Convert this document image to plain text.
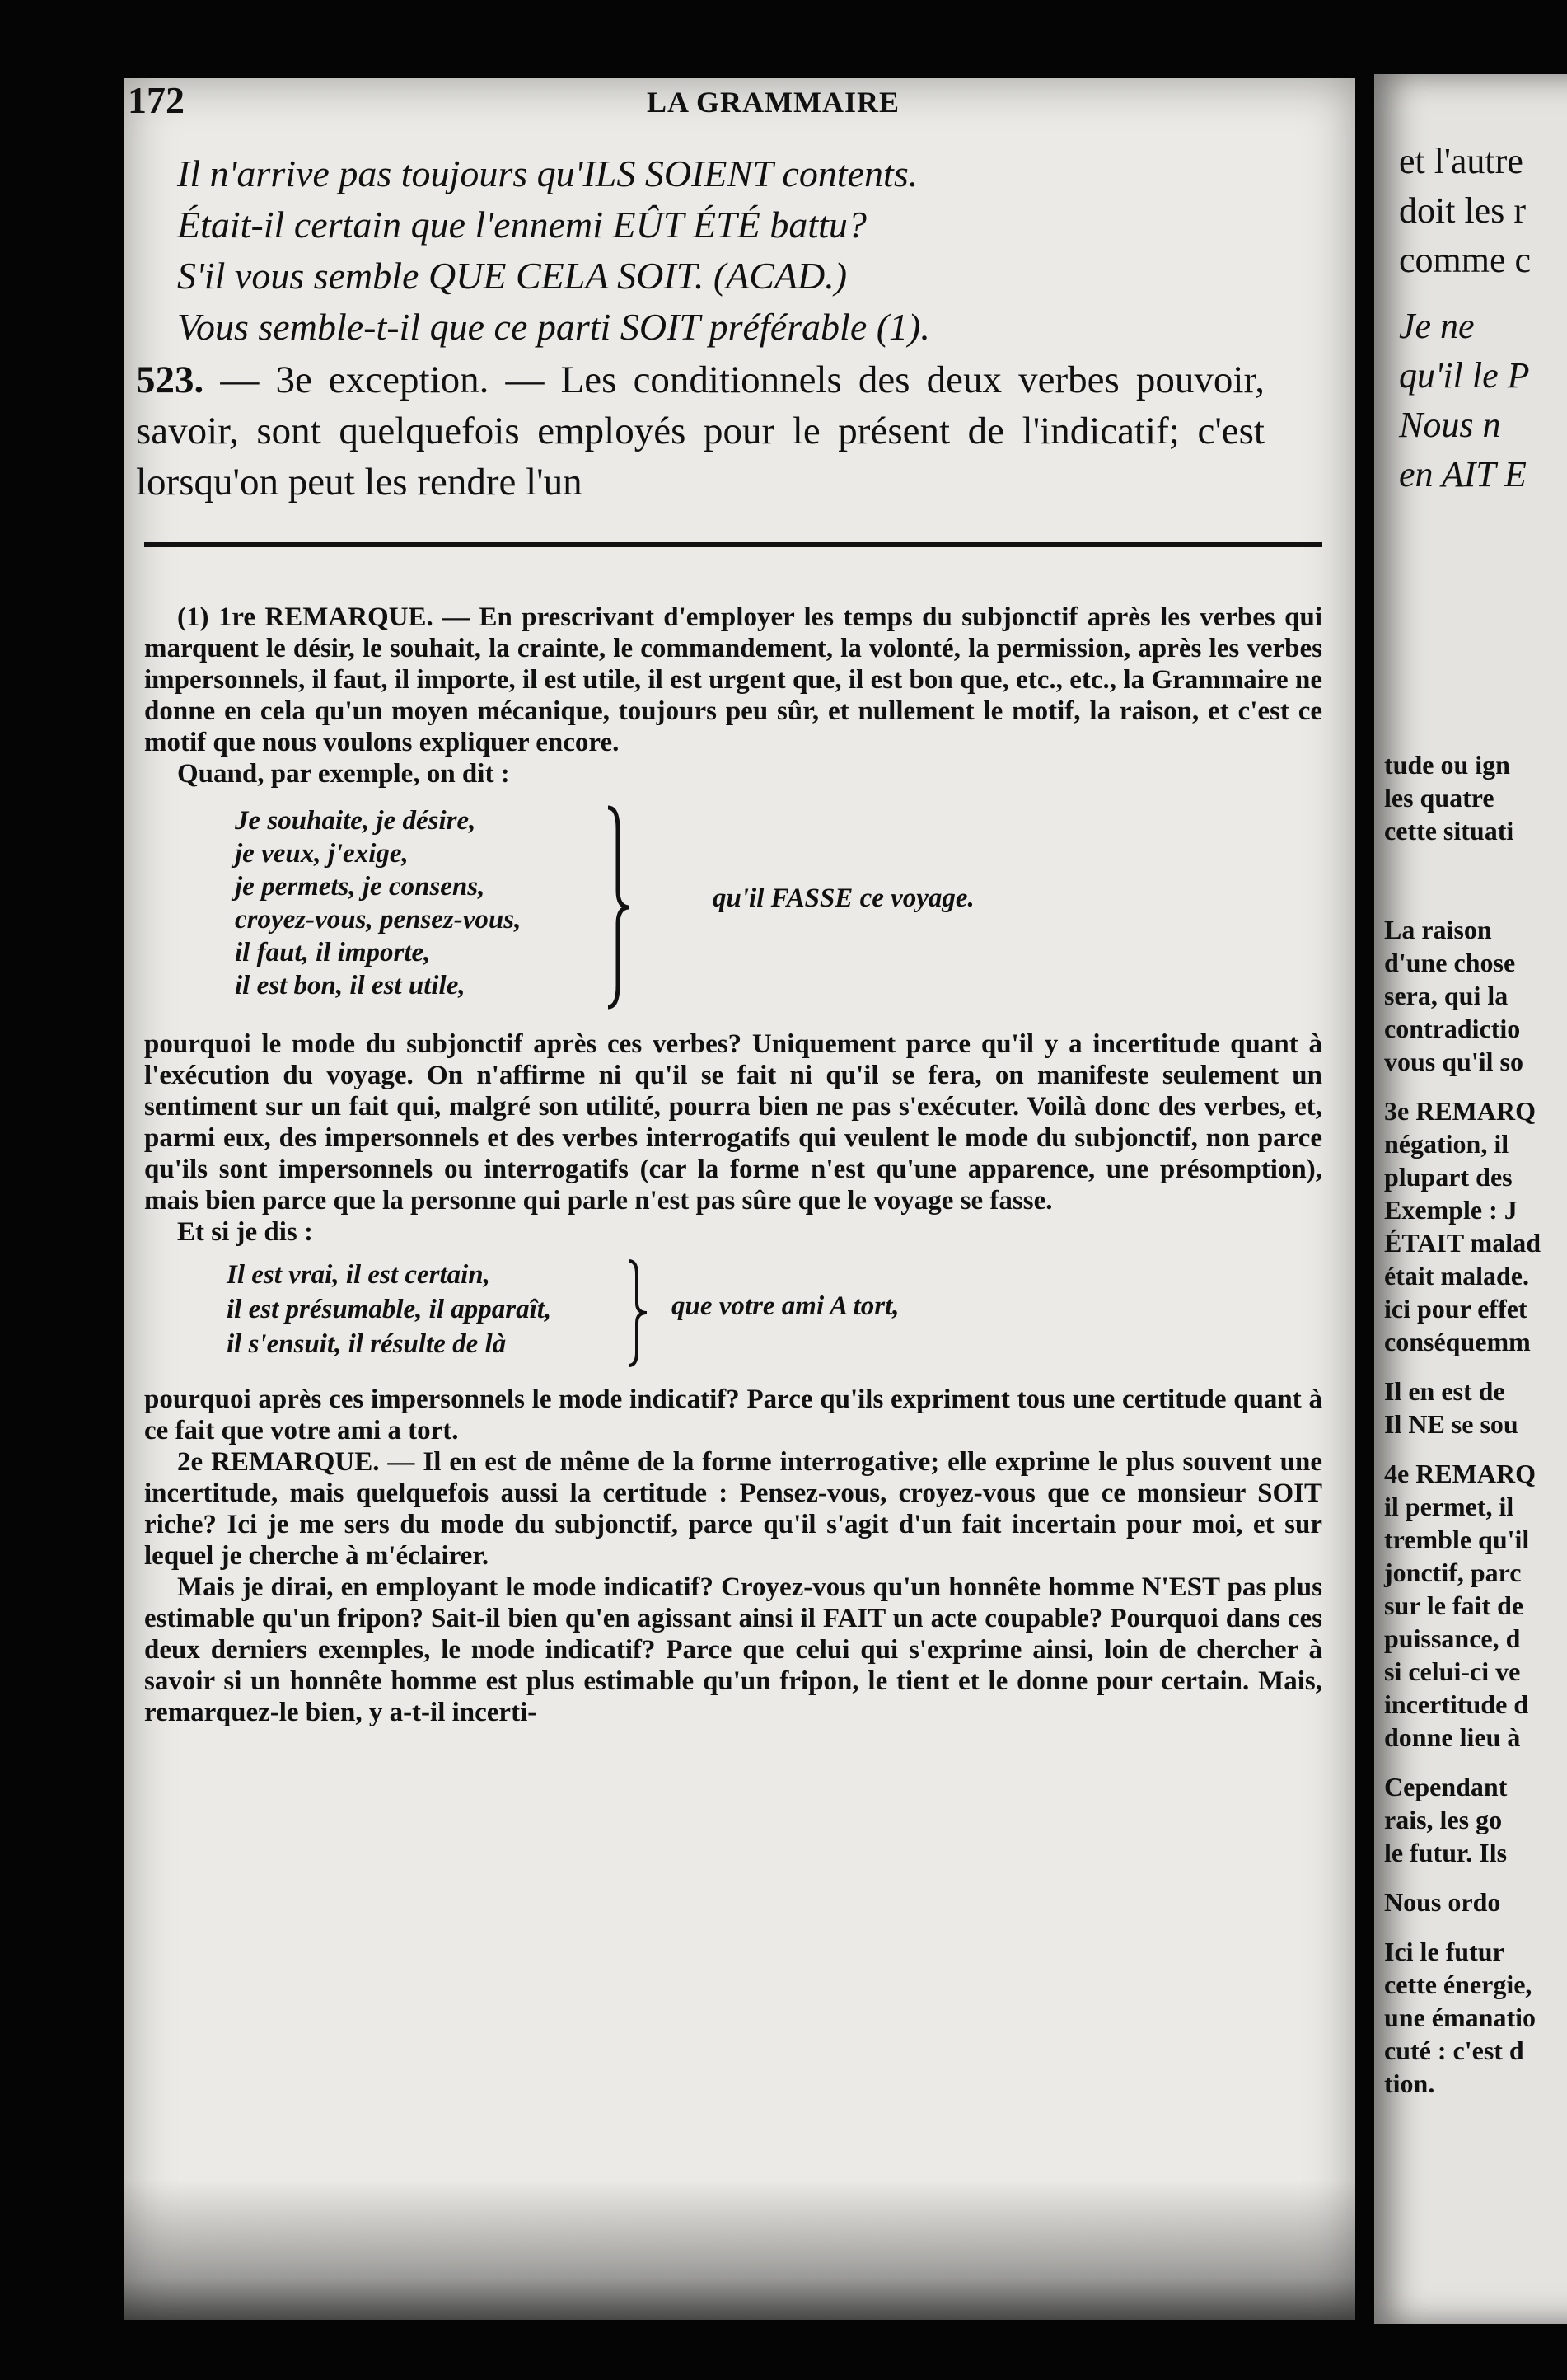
et l'autre
doit les r
comme c
Je ne
qu'il le P
Nous n
en AIT E
tude ou ign
les quatre
cette situati
La raison
d'une chose
sera, qui la
contradictio
vous qu'il so
3e REMARQ
négation, il
plupart des
Exemple : J
ÉTAIT malad
était malade.
ici pour effet
conséquemm
Il en est de
Il NE se sou
4e REMARQ
il permet, il
tremble qu'il
jonctif, parc
sur le fait de
puissance, d
si celui-ci ve
incertitude d
donne lieu à
Cependant
rais, les go
le futur. Ils
Nous ordo
Ici le futur
cette énergie,
une émanatio
cuté : c'est d
tion.
172	LA GRAMMAIRE

Il n'arrive pas toujours qu'ILS SOIENT contents.

Était-il certain que l'ennemi EÛT ÉTÉ battu?

S'il vous semble QUE CELA SOIT. (ACAD.)

Vous semble-t-il que ce parti SOIT préférable (1).

523. — 3e exception. — Les conditionnels des deux verbes pouvoir, savoir, sont quelquefois employés pour le présent de l'indicatif; c'est lorsqu'on peut les rendre l'un

(1) 1re REMARQUE. — En prescrivant d'employer les temps du subjonctif après les verbes qui marquent le désir, le souhait, la crainte, le commandement, la volonté, la permission, après les verbes impersonnels, il faut, il importe, il est utile, il est urgent que, il est bon que, etc., etc., la Grammaire ne donne en cela qu'un moyen mécanique, toujours peu sûr, et nullement le motif, la raison, et c'est ce motif que nous voulons expliquer encore.

Quand, par exemple, on dit :

Je souhaite, je désire,
je veux, j'exige,
je permets, je consens,
croyez-vous, pensez-vous,
il faut, il importe,
il est bon, il est utile,
qu'il FASSE ce voyage.

pourquoi le mode du subjonctif après ces verbes? Uniquement parce qu'il y a incertitude quant à l'exécution du voyage. On n'affirme ni qu'il se fait ni qu'il se fera, on manifeste seulement un sentiment sur un fait qui, malgré son utilité, pourra bien ne pas s'exécuter. Voilà donc des verbes, et, parmi eux, des impersonnels et des verbes interrogatifs qui veulent le mode du subjonctif, non parce qu'ils sont impersonnels ou interrogatifs (car la forme n'est qu'une apparence, une présomption), mais bien parce que la personne qui parle n'est pas sûre que le voyage se fasse.

Et si je dis :

Il est vrai, il est certain,
il est présumable, il apparaît,
il s'ensuit, il résulte de là
que votre ami A tort,

pourquoi après ces impersonnels le mode indicatif? Parce qu'ils expriment tous une certitude quant à ce fait que votre ami a tort.

2e REMARQUE. — Il en est de même de la forme interrogative; elle exprime le plus souvent une incertitude, mais quelquefois aussi la certitude : Pensez-vous, croyez-vous que ce monsieur SOIT riche? Ici je me sers du mode du subjonctif, parce qu'il s'agit d'un fait incertain pour moi, et sur lequel je cherche à m'éclairer.

Mais je dirai, en employant le mode indicatif? Croyez-vous qu'un honnête homme N'EST pas plus estimable qu'un fripon? Sait-il bien qu'en agissant ainsi il FAIT un acte coupable? Pourquoi dans ces deux derniers exemples, le mode indicatif? Parce que celui qui s'exprime ainsi, loin de chercher à savoir si un honnête homme est plus estimable qu'un fripon, le tient et le donne pour certain. Mais, remarquez-le bien, y a-t-il incerti-
